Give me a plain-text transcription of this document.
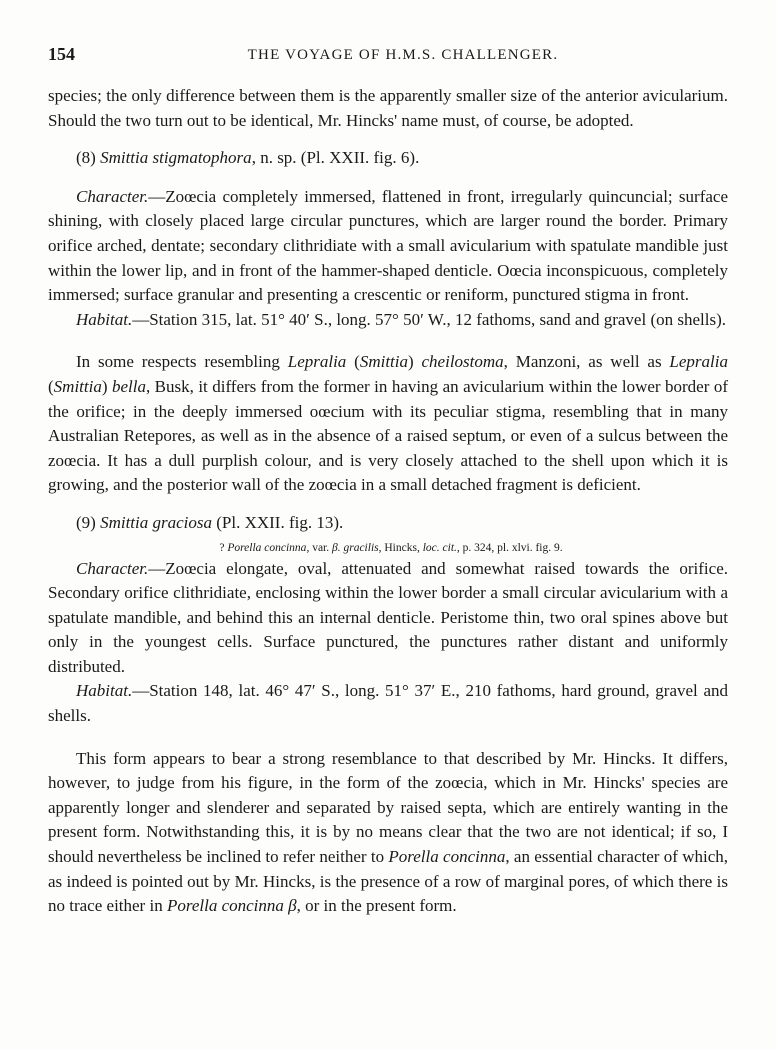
154	THE VOYAGE OF H.M.S. CHALLENGER.

species; the only difference between them is the apparently smaller size of the anterior avicularium. Should the two turn out to be identical, Mr. Hincks' name must, of course, be adopted.

(8) Smittia stigmatophora, n. sp. (Pl. XXII. fig. 6).

Character.—Zoœcia completely immersed, flattened in front, irregularly quincuncial; surface shining, with closely placed large circular punctures, which are larger round the border. Primary orifice arched, dentate; secondary clithridiate with a small avicularium with spatulate mandible just within the lower lip, and in front of the hammer-shaped denticle. Oœcia inconspicuous, completely immersed; surface granular and presenting a crescentic or reniform, punctured stigma in front.

Habitat.—Station 315, lat. 51° 40′ S., long. 57° 50′ W., 12 fathoms, sand and gravel (on shells).

In some respects resembling Lepralia (Smittia) cheilostoma, Manzoni, as well as Lepralia (Smittia) bella, Busk, it differs from the former in having an avicularium within the lower border of the orifice; in the deeply immersed oœcium with its peculiar stigma, resembling that in many Australian Retepores, as well as in the absence of a raised septum, or even of a sulcus between the zoœcia. It has a dull purplish colour, and is very closely attached to the shell upon which it is growing, and the posterior wall of the zoœcia in a small detached fragment is deficient.

(9) Smittia graciosa (Pl. XXII. fig. 13).

? Porella concinna, var. β. gracilis, Hincks, loc. cit., p. 324, pl. xlvi. fig. 9.

Character.—Zoœcia elongate, oval, attenuated and somewhat raised towards the orifice. Secondary orifice clithridiate, enclosing within the lower border a small circular avicularium with a spatulate mandible, and behind this an internal denticle. Peristome thin, two oral spines above but only in the youngest cells. Surface punctured, the punctures rather distant and uniformly distributed.

Habitat.—Station 148, lat. 46° 47′ S., long. 51° 37′ E., 210 fathoms, hard ground, gravel and shells.

This form appears to bear a strong resemblance to that described by Mr. Hincks. It differs, however, to judge from his figure, in the form of the zoœcia, which in Mr. Hincks' species are apparently longer and slenderer and separated by raised septa, which are entirely wanting in the present form. Notwithstanding this, it is by no means clear that the two are not identical; if so, I should nevertheless be inclined to refer neither to Porella concinna, an essential character of which, as indeed is pointed out by Mr. Hincks, is the presence of a row of marginal pores, of which there is no trace either in Porella concinna β, or in the present form.
